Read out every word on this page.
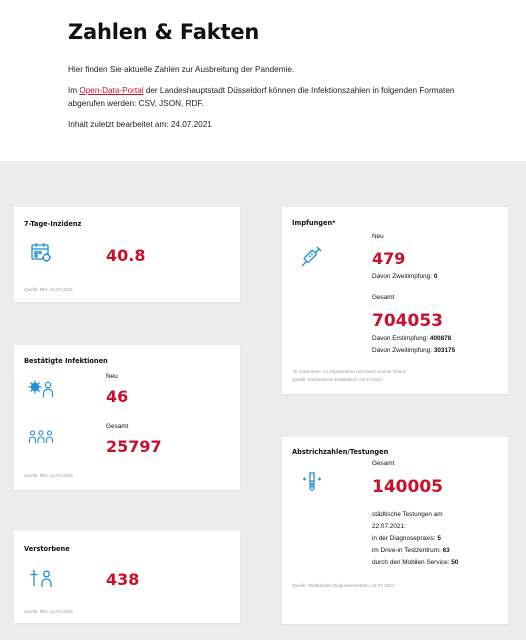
Zahlen & Fakten

Hier finden Sie aktuelle Zahlen zur Ausbreitung der Pandemie.

Im Open-Data-Portal der Landeshauptstadt Düsseldorf können die Infektionszahlen in folgenden Formaten abgerufen werden: CSV, JSON, RDF.

Inhalt zuletzt bearbeitet am: 24.07.2021

7-Tage-Inzidenz
40.8
Quelle: RKI, 24.07.2021
Bestätigte Infektionen
Neu
46
Gesamt
25797
Quelle: RKI, 24.07.2021
Verstorbene
438
Quelle: RKI, 24.07.2021
Impfungen*
Neu
479
Davon Zweitimpfung: 0
Gesamt
704053
Davon Erstimpfung: 400878
Davon Zweitimpfung: 303175
*in Arztpraxen, im Impfzentrum und durch mobile Teams
Quelle: Impfzentrum Düsseldorf, 23.07.2021
Abstrichzahlen/Testungen
Gesamt
140005
städtische Testungen am
22.07.2021:
in der Diagnosepraxis: 5
im Drive-in Testzentrum: 63
durch den Mobilen Service: 50
Quelle: Städtisches Diagnosezentrum, 23.07.2021
